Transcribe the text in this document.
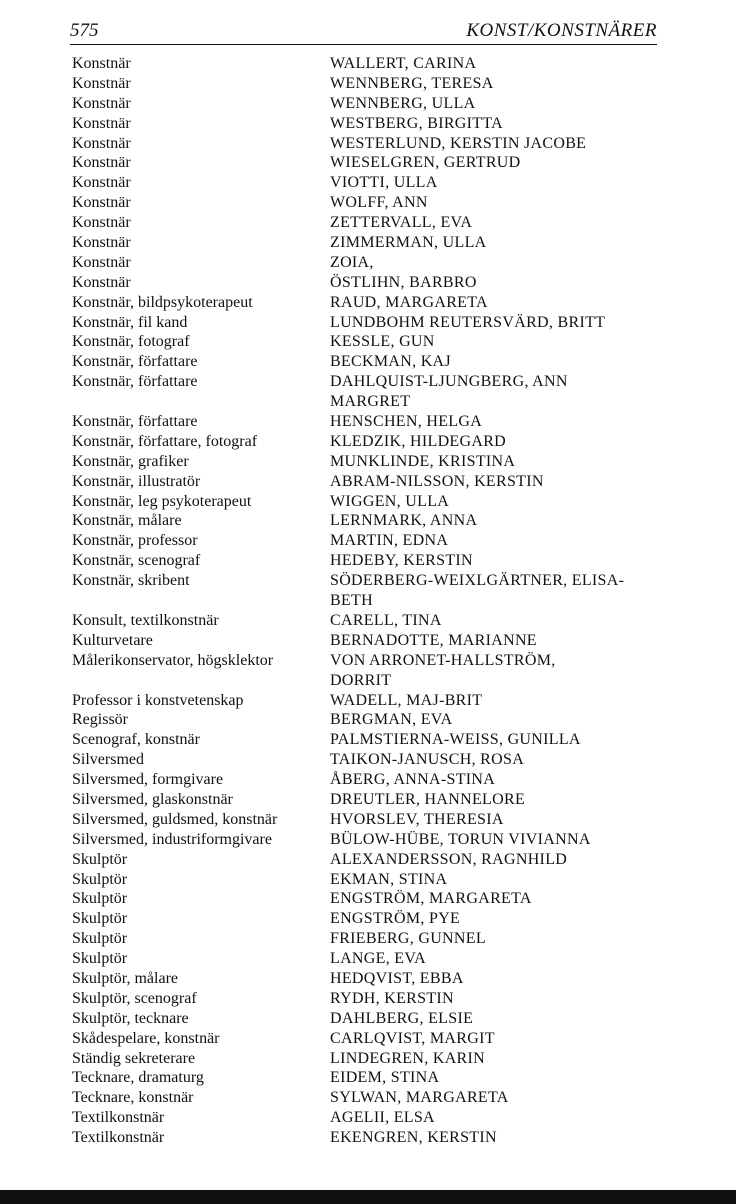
575	KONST/KONSTNÄRER
Konstnär	WALLERT, CARINA
Konstnär	WENNBERG, TERESA
Konstnär	WENNBERG, ULLA
Konstnär	WESTBERG, BIRGITTA
Konstnär	WESTERLUND, KERSTIN JACOBE
Konstnär	WIESELGREN, GERTRUD
Konstnär	VIOTTI, ULLA
Konstnär	WOLFF, ANN
Konstnär	ZETTERVALL, EVA
Konstnär	ZIMMERMAN, ULLA
Konstnär	ZOIA,
Konstnär	ÖSTLIHN, BARBRO
Konstnär, bildpsykoterapeut	RAUD, MARGARETA
Konstnär, fil kand	LUNDBOHM REUTERSVÄRD, BRITT
Konstnär, fotograf	KESSLE, GUN
Konstnär, författare	BECKMAN, KAJ
Konstnär, författare	DAHLQUIST-LJUNGBERG, ANN
MARGRET
Konstnär, författare	HENSCHEN, HELGA
Konstnär, författare, fotograf	KLEDZIK, HILDEGARD
Konstnär, grafiker	MUNKLINDE, KRISTINA
Konstnär, illustratör	ABRAM-NILSSON, KERSTIN
Konstnär, leg psykoterapeut	WIGGEN, ULLA
Konstnär, målare	LERNMARK, ANNA
Konstnär, professor	MARTIN, EDNA
Konstnär, scenograf	HEDEBY, KERSTIN
Konstnär, skribent	SÖDERBERG-WEIXLGÄRTNER, ELISA-
BETH
Konsult, textilkonstnär	CARELL, TINA
Kulturvetare	BERNADOTTE, MARIANNE
Målerikonservator, högsklektor	VON ARRONET-HALLSTRÖM,
DORRIT
Professor i konstvetenskap	WADELL, MAJ-BRIT
Regissör	BERGMAN, EVA
Scenograf, konstnär	PALMSTIERNA-WEISS, GUNILLA
Silversmed	TAIKON-JANUSCH, ROSA
Silversmed, formgivare	ÅBERG, ANNA-STINA
Silversmed, glaskonstnär	DREUTLER, HANNELORE
Silversmed, guldsmed, konstnär	HVORSLEV, THERESIA
Silversmed, industriformgivare	BÜLOW-HÜBE, TORUN VIVIANNA
Skulptör	ALEXANDERSSON, RAGNHILD
Skulptör	EKMAN, STINA
Skulptör	ENGSTRÖM, MARGARETA
Skulptör	ENGSTRÖM, PYE
Skulptör	FRIEBERG, GUNNEL
Skulptör	LANGE, EVA
Skulptör, målare	HEDQVIST, EBBA
Skulptör, scenograf	RYDH, KERSTIN
Skulptör, tecknare	DAHLBERG, ELSIE
Skådespelare, konstnär	CARLQVIST, MARGIT
Ständig sekreterare	LINDEGREN, KARIN
Tecknare, dramaturg	EIDEM, STINA
Tecknare, konstnär	SYLWAN, MARGARETA
Textilkonstnär	AGELII, ELSA
Textilkonstnär	EKENGREN, KERSTIN
